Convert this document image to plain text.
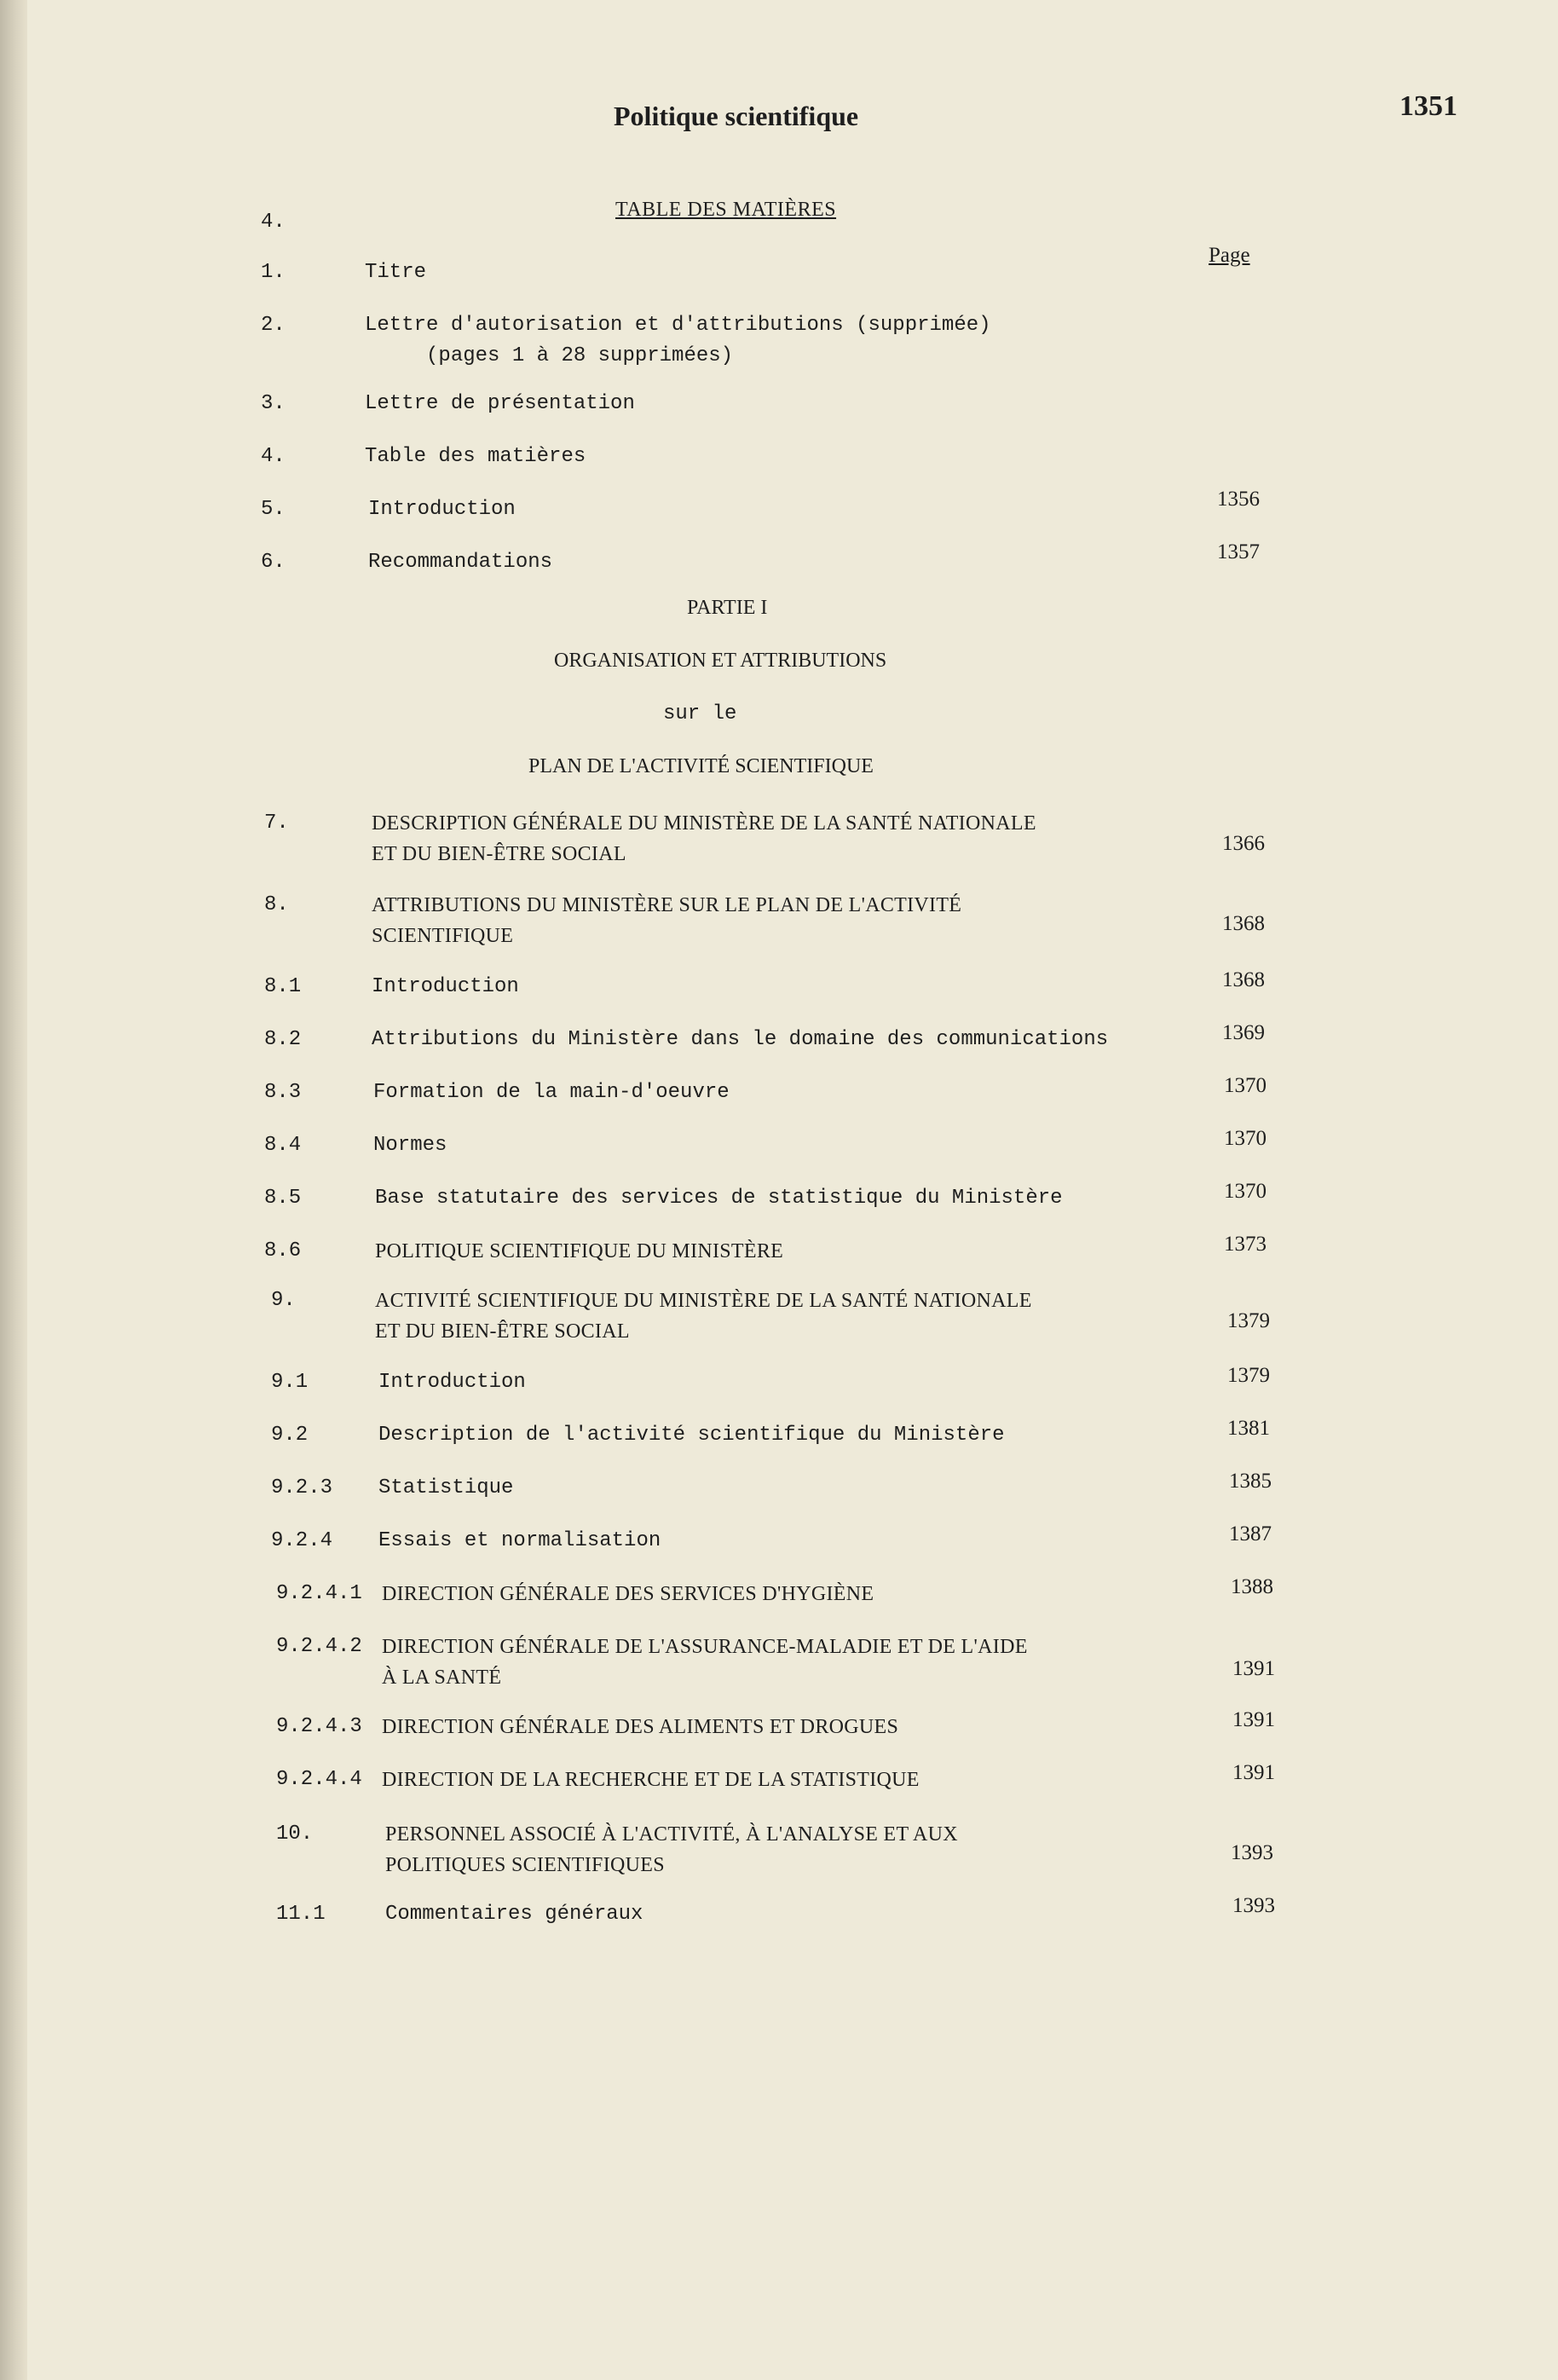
Politique scientifique	1351
4.
TABLE DES MATIÈRES
Page
1.	Titre
2.	Lettre d'autorisation et d'attributions (supprimée)
(pages 1 à 28 supprimées)
3.	Lettre de présentation
4.	Table des matières
5.	Introduction	1356
6.	Recommandations	1357
7.	DESCRIPTION GÉNÉRALE DU MINISTÈRE DE LA SANTÉ NATIONALE
ET DU BIEN-ÊTRE SOCIAL	1366
8.	ATTRIBUTIONS DU MINISTÈRE SUR LE PLAN DE L'ACTIVITÉ
SCIENTIFIQUE
1368
8.1	Introduction	1368
8.2	Attributions du Ministère dans le domaine des communications	1369
8.3	Formation de la main-d'oeuvre	1370
8.4	Normes	1370
8.5	Base statutaire des services de statistique du Ministère	1370
8.6	POLITIQUE SCIENTIFIQUE DU MINISTÈRE	1373
9.	ACTIVITÉ SCIENTIFIQUE DU MINISTÈRE DE LA SANTÉ NATIONALE
ET DU BIEN-ÊTRE SOCIAL	1379
9.1	Introduction	1379
9.2	Description de l'activité scientifique du Ministère	1381
9.2.3 Statistique	1385
9.2.4 Essais et normalisation	1387
9.2.4.1 DIRECTION GÉNÉRALE DES SERVICES D'HYGIÈNE	1388
9.2.4.2 DIRECTION GÉNÉRALE DE L'ASSURANCE-MALADIE ET DE L'AIDE
À LA SANTÉ	1391
9.2.4.3 DIRECTION GÉNÉRALE DES ALIMENTS ET DROGUES	1391
9.2.4.4 DIRECTION DE LA RECHERCHE ET DE LA STATISTIQUE	1391
10.	PERSONNEL ASSOCIÉ À L'ACTIVITÉ, À L'ANALYSE ET AUX
POLITIQUES SCIENTIFIQUES
1393
11.1	Commentaires généraux	1393
PARTIE I
ORGANISATION ET ATTRIBUTIONS
sur le
PLAN DE L'ACTIVITÉ SCIENTIFIQUE
